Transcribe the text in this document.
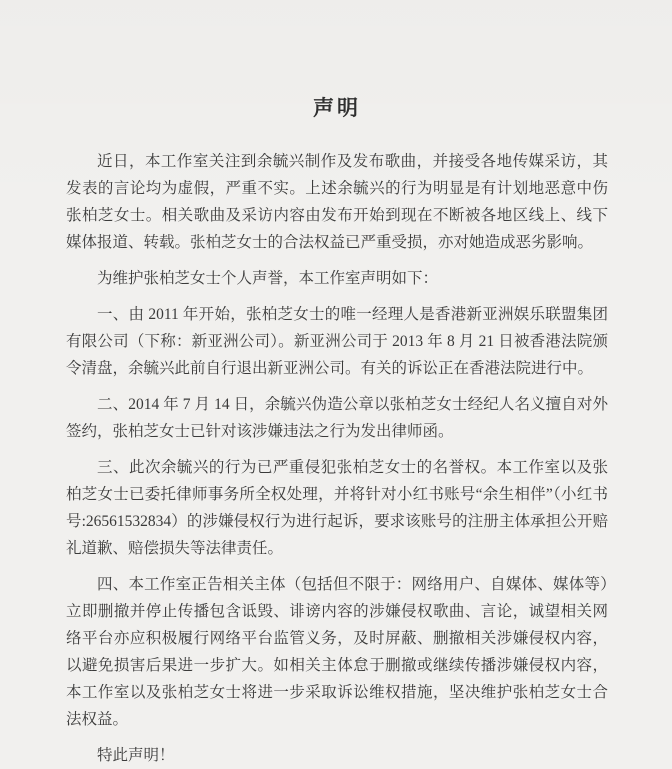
声明

近日，本工作室关注到余毓兴制作及发布歌曲，并接受各地传媒采访，其发表的言论均为虚假，严重不实。上述余毓兴的行为明显是有计划地恶意中伤张柏芝女士。相关歌曲及采访内容由发布开始到现在不断被各地区线上、线下媒体报道、转载。张柏芝女士的合法权益已严重受损，亦对她造成恶劣影响。

为维护张柏芝女士个人声誉，本工作室声明如下：

一、由 2011 年开始，张柏芝女士的唯一经理人是香港新亚洲娱乐联盟集团有限公司（下称：新亚洲公司）。新亚洲公司于 2013 年 8 月 21 日被香港法院颁令清盘，余毓兴此前自行退出新亚洲公司。有关的诉讼正在香港法院进行中。

二、2014 年 7 月 14 日，余毓兴伪造公章以张柏芝女士经纪人名义擅自对外签约，张柏芝女士已针对该涉嫌违法之行为发出律师函。

三、此次余毓兴的行为已严重侵犯张柏芝女士的名誉权。本工作室以及张柏芝女士已委托律师事务所全权处理，并将针对小红书账号“余生相伴”（小红书号:26561532834）的涉嫌侵权行为进行起诉，要求该账号的注册主体承担公开赔礼道歉、赔偿损失等法律责任。

四、本工作室正告相关主体（包括但不限于：网络用户、自媒体、媒体等）立即删撤并停止传播包含诋毁、诽谤内容的涉嫌侵权歌曲、言论，诚望相关网络平台亦应积极履行网络平台监管义务，及时屏蔽、删撤相关涉嫌侵权内容，以避免损害后果进一步扩大。如相关主体怠于删撤或继续传播涉嫌侵权内容，本工作室以及张柏芝女士将进一步采取诉讼维权措施，坚决维护张柏芝女士合法权益。

特此声明！
